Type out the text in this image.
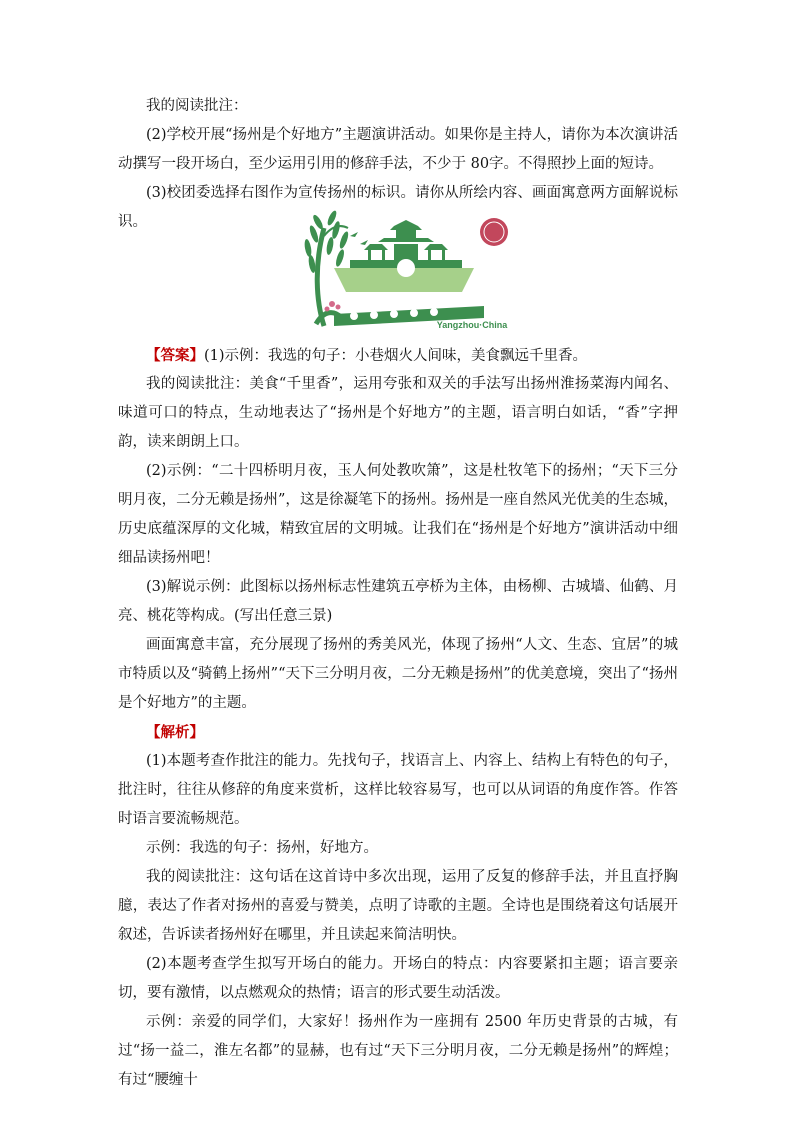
我的阅读批注：

(2)学校开展“扬州是个好地方”主题演讲活动。如果你是主持人，请你为本次演讲活动撰写一段开场白，至少运用引用的修辞手法，不少于 80字。不得照抄上面的短诗。

(3)校团委选择右图作为宣传扬州的标识。请你从所绘内容、画面寓意两方面解说标识。

Yangzhou·China

【答案】(1)示例：我选的句子：小巷烟火人间味，美食飘远千里香。

我的阅读批注：美食“千里香”，运用夸张和双关的手法写出扬州淮扬菜海内闻名、味道可口的特点，生动地表达了“扬州是个好地方”的主题，语言明白如话，“香”字押韵，读来朗朗上口。

(2)示例：“二十四桥明月夜，玉人何处教吹箫”，这是杜牧笔下的扬州；“天下三分明月夜，二分无赖是扬州”，这是徐凝笔下的扬州。扬州是一座自然风光优美的生态城，历史底蕴深厚的文化城，精致宜居的文明城。让我们在“扬州是个好地方”演讲活动中细细品读扬州吧！

(3)解说示例：此图标以扬州标志性建筑五亭桥为主体，由杨柳、古城墙、仙鹤、月亮、桃花等构成。(写出任意三景)

画面寓意丰富，充分展现了扬州的秀美风光，体现了扬州“人文、生态、宜居”的城市特质以及“骑鹤上扬州”“天下三分明月夜，二分无赖是扬州”的优美意境，突出了“扬州是个好地方”的主题。

【解析】

(1)本题考查作批注的能力。先找句子，找语言上、内容上、结构上有特色的句子，批注时，往往从修辞的角度来赏析，这样比较容易写，也可以从词语的角度作答。作答时语言要流畅规范。

示例：我选的句子：扬州，好地方。

我的阅读批注：这句话在这首诗中多次出现，运用了反复的修辞手法，并且直抒胸臆，表达了作者对扬州的喜爱与赞美，点明了诗歌的主题。全诗也是围绕着这句话展开叙述，告诉读者扬州好在哪里，并且读起来简洁明快。

(2)本题考查学生拟写开场白的能力。开场白的特点：内容要紧扣主题；语言要亲切，要有激情，以点燃观众的热情；语言的形式要生动活泼。

示例：亲爱的同学们，大家好！扬州作为一座拥有 2500 年历史背景的古城，有过“扬一益二，淮左名都”的显赫，也有过“天下三分明月夜，二分无赖是扬州”的辉煌；有过“腰缠十
